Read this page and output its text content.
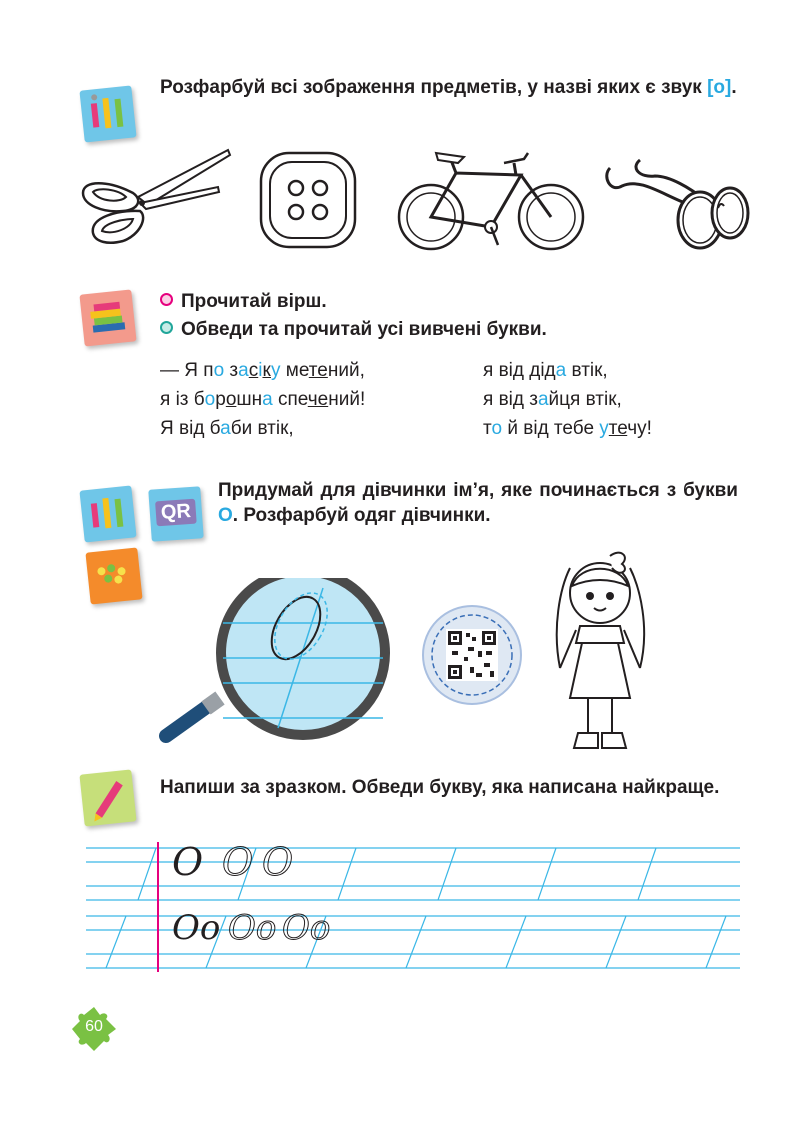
Розфарбуй всі зображення предметів, у назві яких є звук [о].
Прочитай вірш.
Обведи та прочитай усі вивчені букви.
— Я по засіку метений,
я із борошна спечений!
Я від баби втік,
я від діда втік,
я від зайця втік,
то й від тебе утечу!
QR
Придумай для дівчинки ім’я, яке починається з букви О. Розфарбуй одяг дівчинки.
Напиши за зразком. Обведи букву, яка написана найкраще.
О О О
Оо Оо Оо
60
